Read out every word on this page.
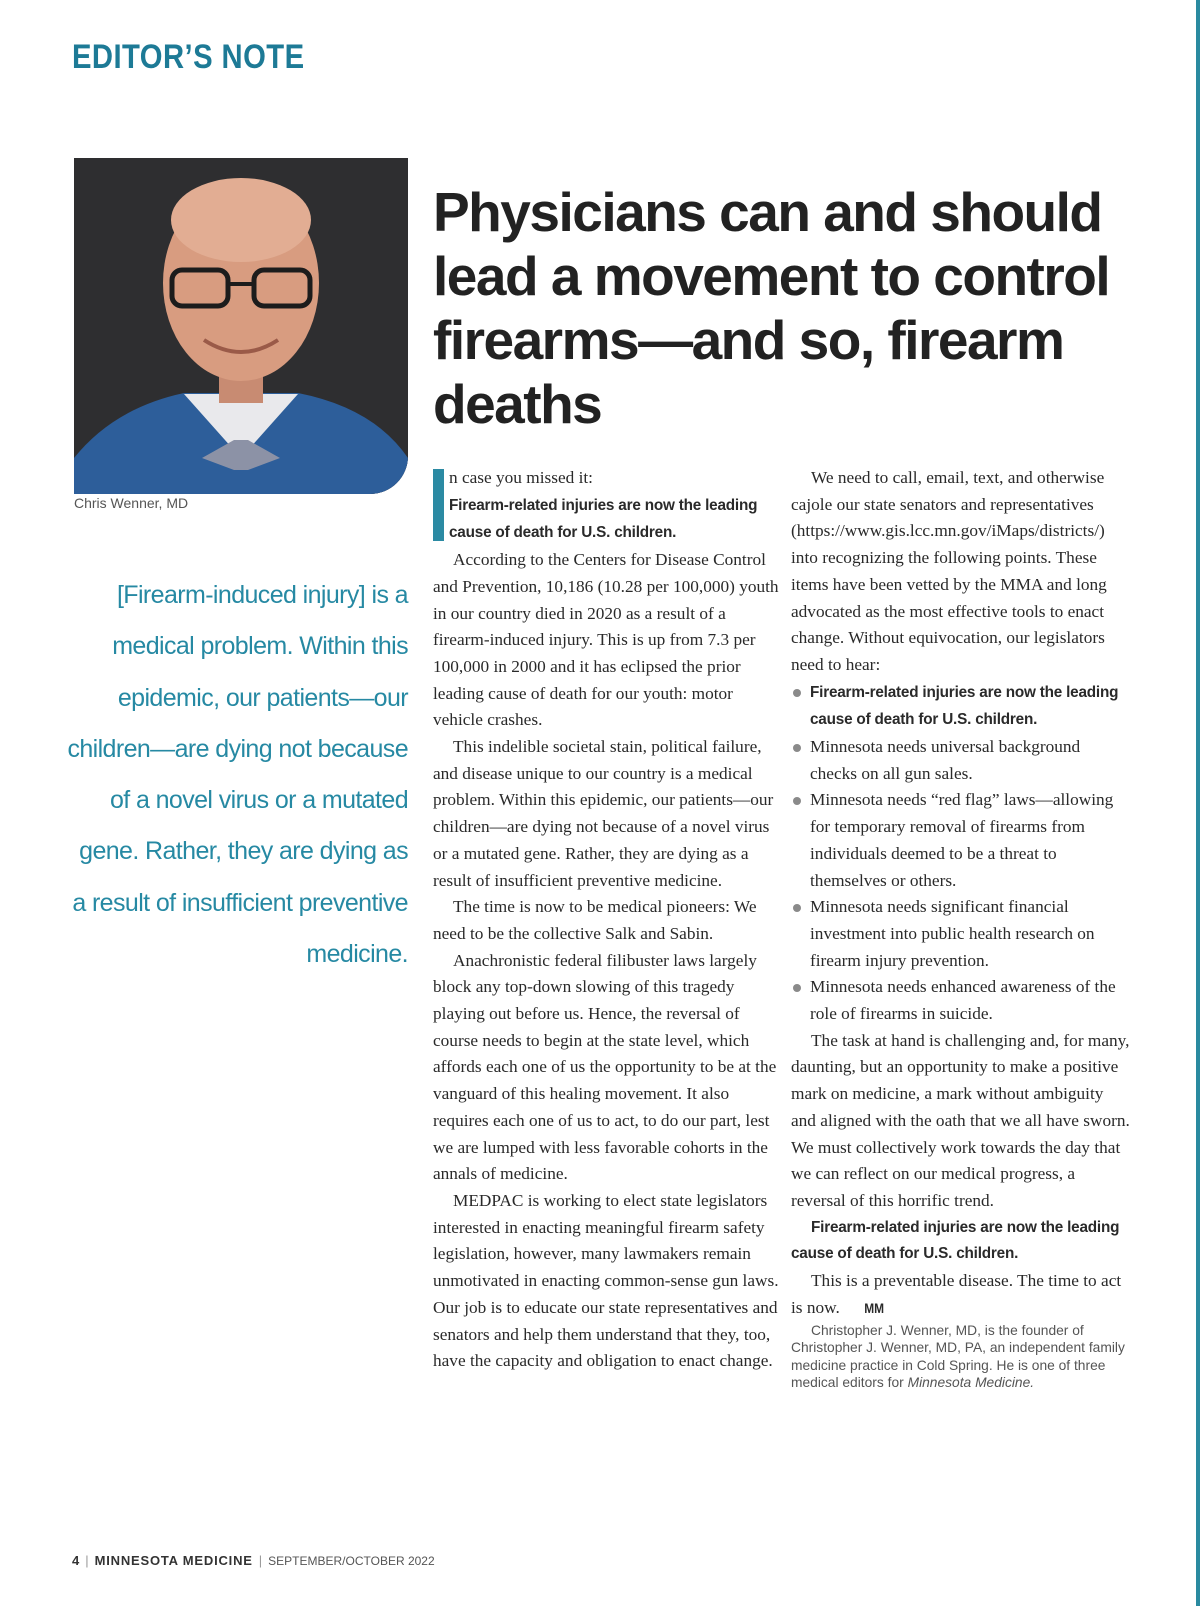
EDITOR’S NOTE

Chris Wenner, MD

[Firearm-induced injury] is a medical problem. Within this epidemic, our patients—our children—are dying not because of a novel virus or a mutated gene. Rather, they are dying as a result of insufficient preventive medicine.

Physicians can and should lead a movement to control firearms—and so, firearm deaths

n case you missed it:
Firearm-related injuries are now the leading cause of death for U.S. children.

According to the Centers for Disease Control and Prevention, 10,186 (10.28 per 100,000) youth in our country died in 2020 as a result of a firearm-induced injury. This is up from 7.3 per 100,000 in 2000 and it has eclipsed the prior leading cause of death for our youth: motor vehicle crashes.

This indelible societal stain, political failure, and disease unique to our country is a medical problem. Within this epidemic, our patients—our children—are dying not because of a novel virus or a mutated gene. Rather, they are dying as a result of insufficient preventive medicine.

The time is now to be medical pioneers: We need to be the collective Salk and Sabin.

Anachronistic federal filibuster laws largely block any top-down slowing of this tragedy playing out before us. Hence, the reversal of course needs to begin at the state level, which affords each one of us the opportunity to be at the vanguard of this healing movement. It also requires each one of us to act, to do our part, lest we are lumped with less favorable cohorts in the annals of medicine.

MEDPAC is working to elect state legislators interested in enacting meaningful firearm safety legislation, however, many lawmakers remain unmotivated in enacting common-sense gun laws. Our job is to educate our state representatives and senators and help them understand that they, too, have the capacity and obligation to enact change.

We need to call, email, text, and otherwise cajole our state senators and representatives (https://www.gis.lcc.mn.gov/iMaps/districts/) into recognizing the following points. These items have been vetted by the MMA and long advocated as the most effective tools to enact change. Without equivocation, our legislators need to hear:

Firearm-related injuries are now the leading cause of death for U.S. children.
Minnesota needs universal background checks on all gun sales.
Minnesota needs “red flag” laws—allowing for temporary removal of firearms from individuals deemed to be a threat to themselves or others.
Minnesota needs significant financial investment into public health research on firearm injury prevention.
Minnesota needs enhanced awareness of the role of firearms in suicide.

The task at hand is challenging and, for many, daunting, but an opportunity to make a positive mark on medicine, a mark without ambiguity and aligned with the oath that we all have sworn. We must collectively work towards the day that we can reflect on our medical progress, a reversal of this horrific trend.

Firearm-related injuries are now the leading cause of death for U.S. children.

This is a preventable disease. The time to act is now. MM

Christopher J. Wenner, MD, is the founder of Christopher J. Wenner, MD, PA, an independent family medicine practice in Cold Spring. He is one of three medical editors for Minnesota Medicine.

4 | MINNESOTA MEDICINE | SEPTEMBER/OCTOBER 2022
